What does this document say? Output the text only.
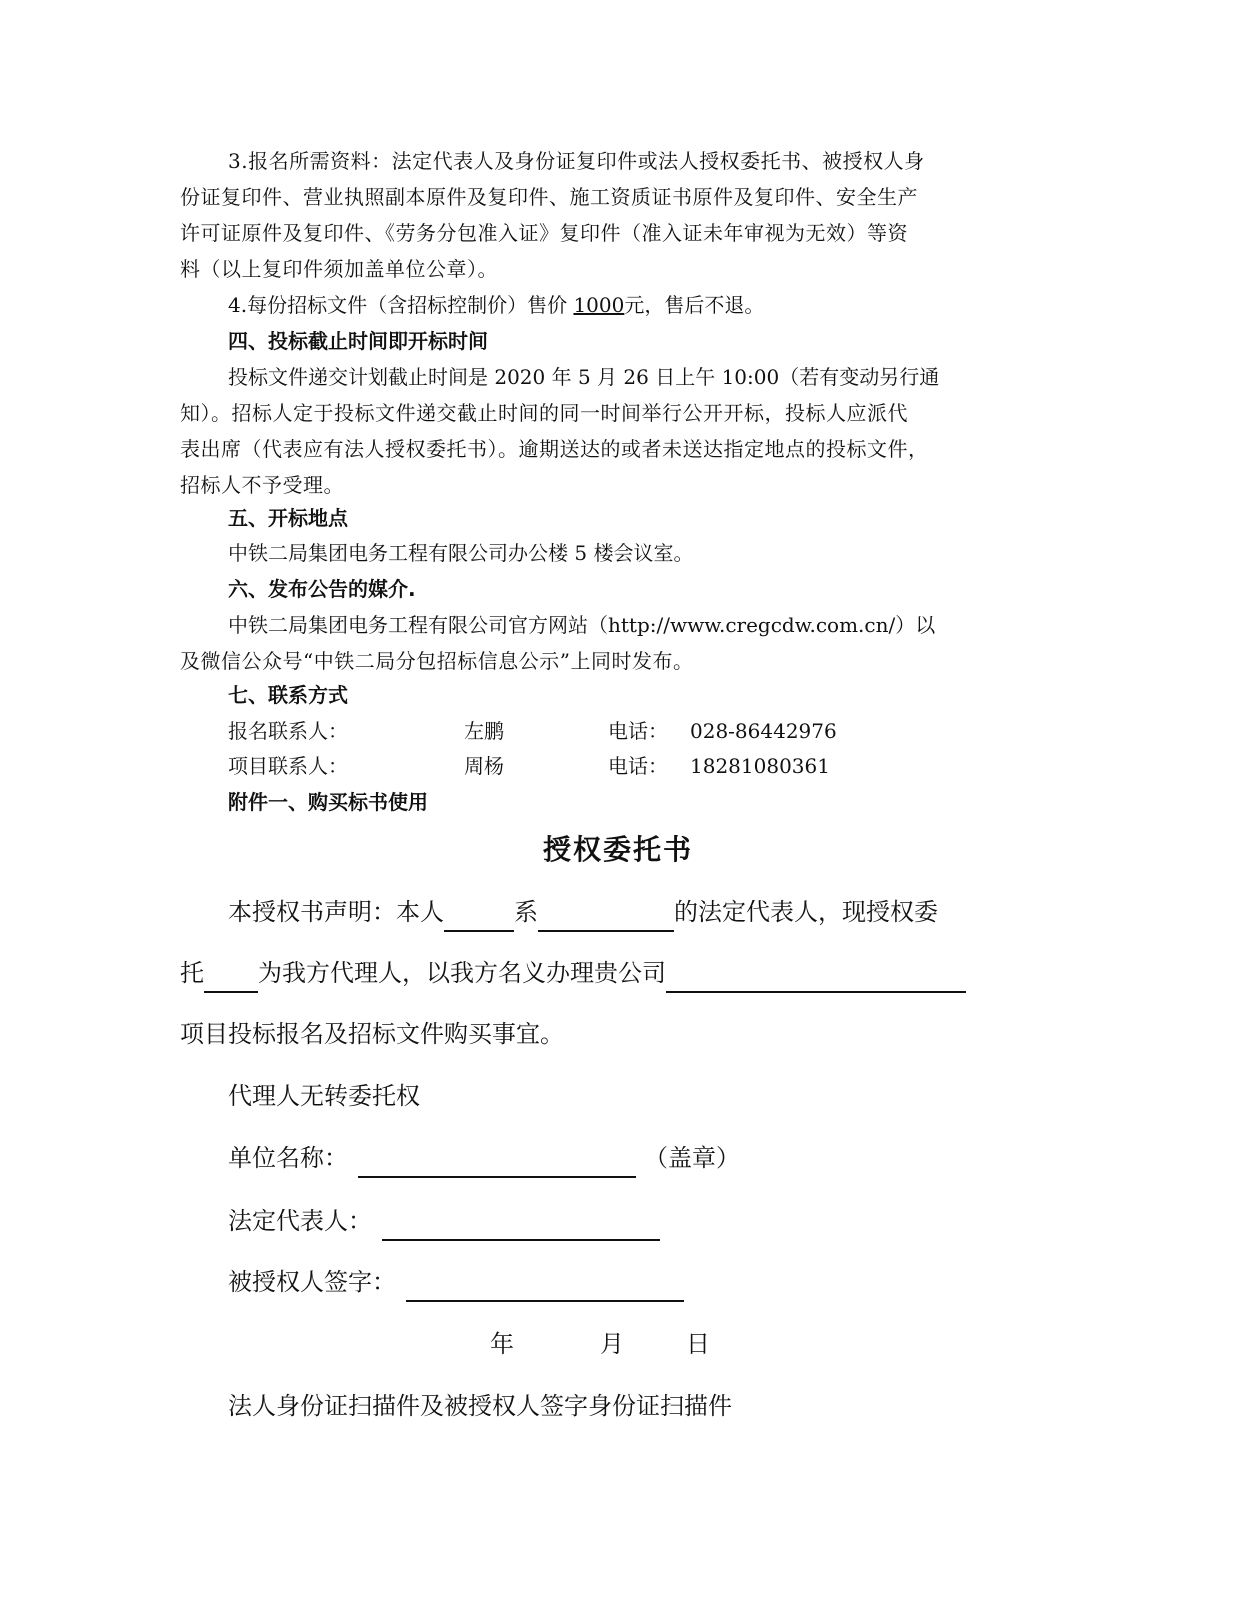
3.报名所需资料：法定代表人及身份证复印件或法人授权委托书、被授权人身
份证复印件、营业执照副本原件及复印件、施工资质证书原件及复印件、安全生产
许可证原件及复印件、《劳务分包准入证》复印件（准入证未年审视为无效）等资
料（以上复印件须加盖单位公章）。
4.每份招标文件（含招标控制价）售价 1000元，售后不退。
四、投标截止时间即开标时间
投标文件递交计划截止时间是 2020 年 5 月 26 日上午 10:00（若有变动另行通
知）。招标人定于投标文件递交截止时间的同一时间举行公开开标，投标人应派代
表出席（代表应有法人授权委托书）。逾期送达的或者未送达指定地点的投标文件，
招标人不予受理。
五、开标地点
中铁二局集团电务工程有限公司办公楼 5 楼会议室。
六、发布公告的媒介.
中铁二局集团电务工程有限公司官方网站（http://www.cregcdw.com.cn/）以
及微信公众号“中铁二局分包招标信息公示”上同时发布。
七、联系方式
报名联系人：	左鹏	电话： 028-86442976
项目联系人：	周杨	电话： 18281080361
附件一、购买标书使用
授权委托书
本授权书声明：本人	系	的法定代表人，现授权委
托 为我方代理人，以我方名义办理贵公司
项目投标报名及招标文件购买事宜。
代理人无转委托权
单位名称：	（盖章）
法定代表人：
被授权人签字：
年	月	日
法人身份证扫描件及被授权人签字身份证扫描件
